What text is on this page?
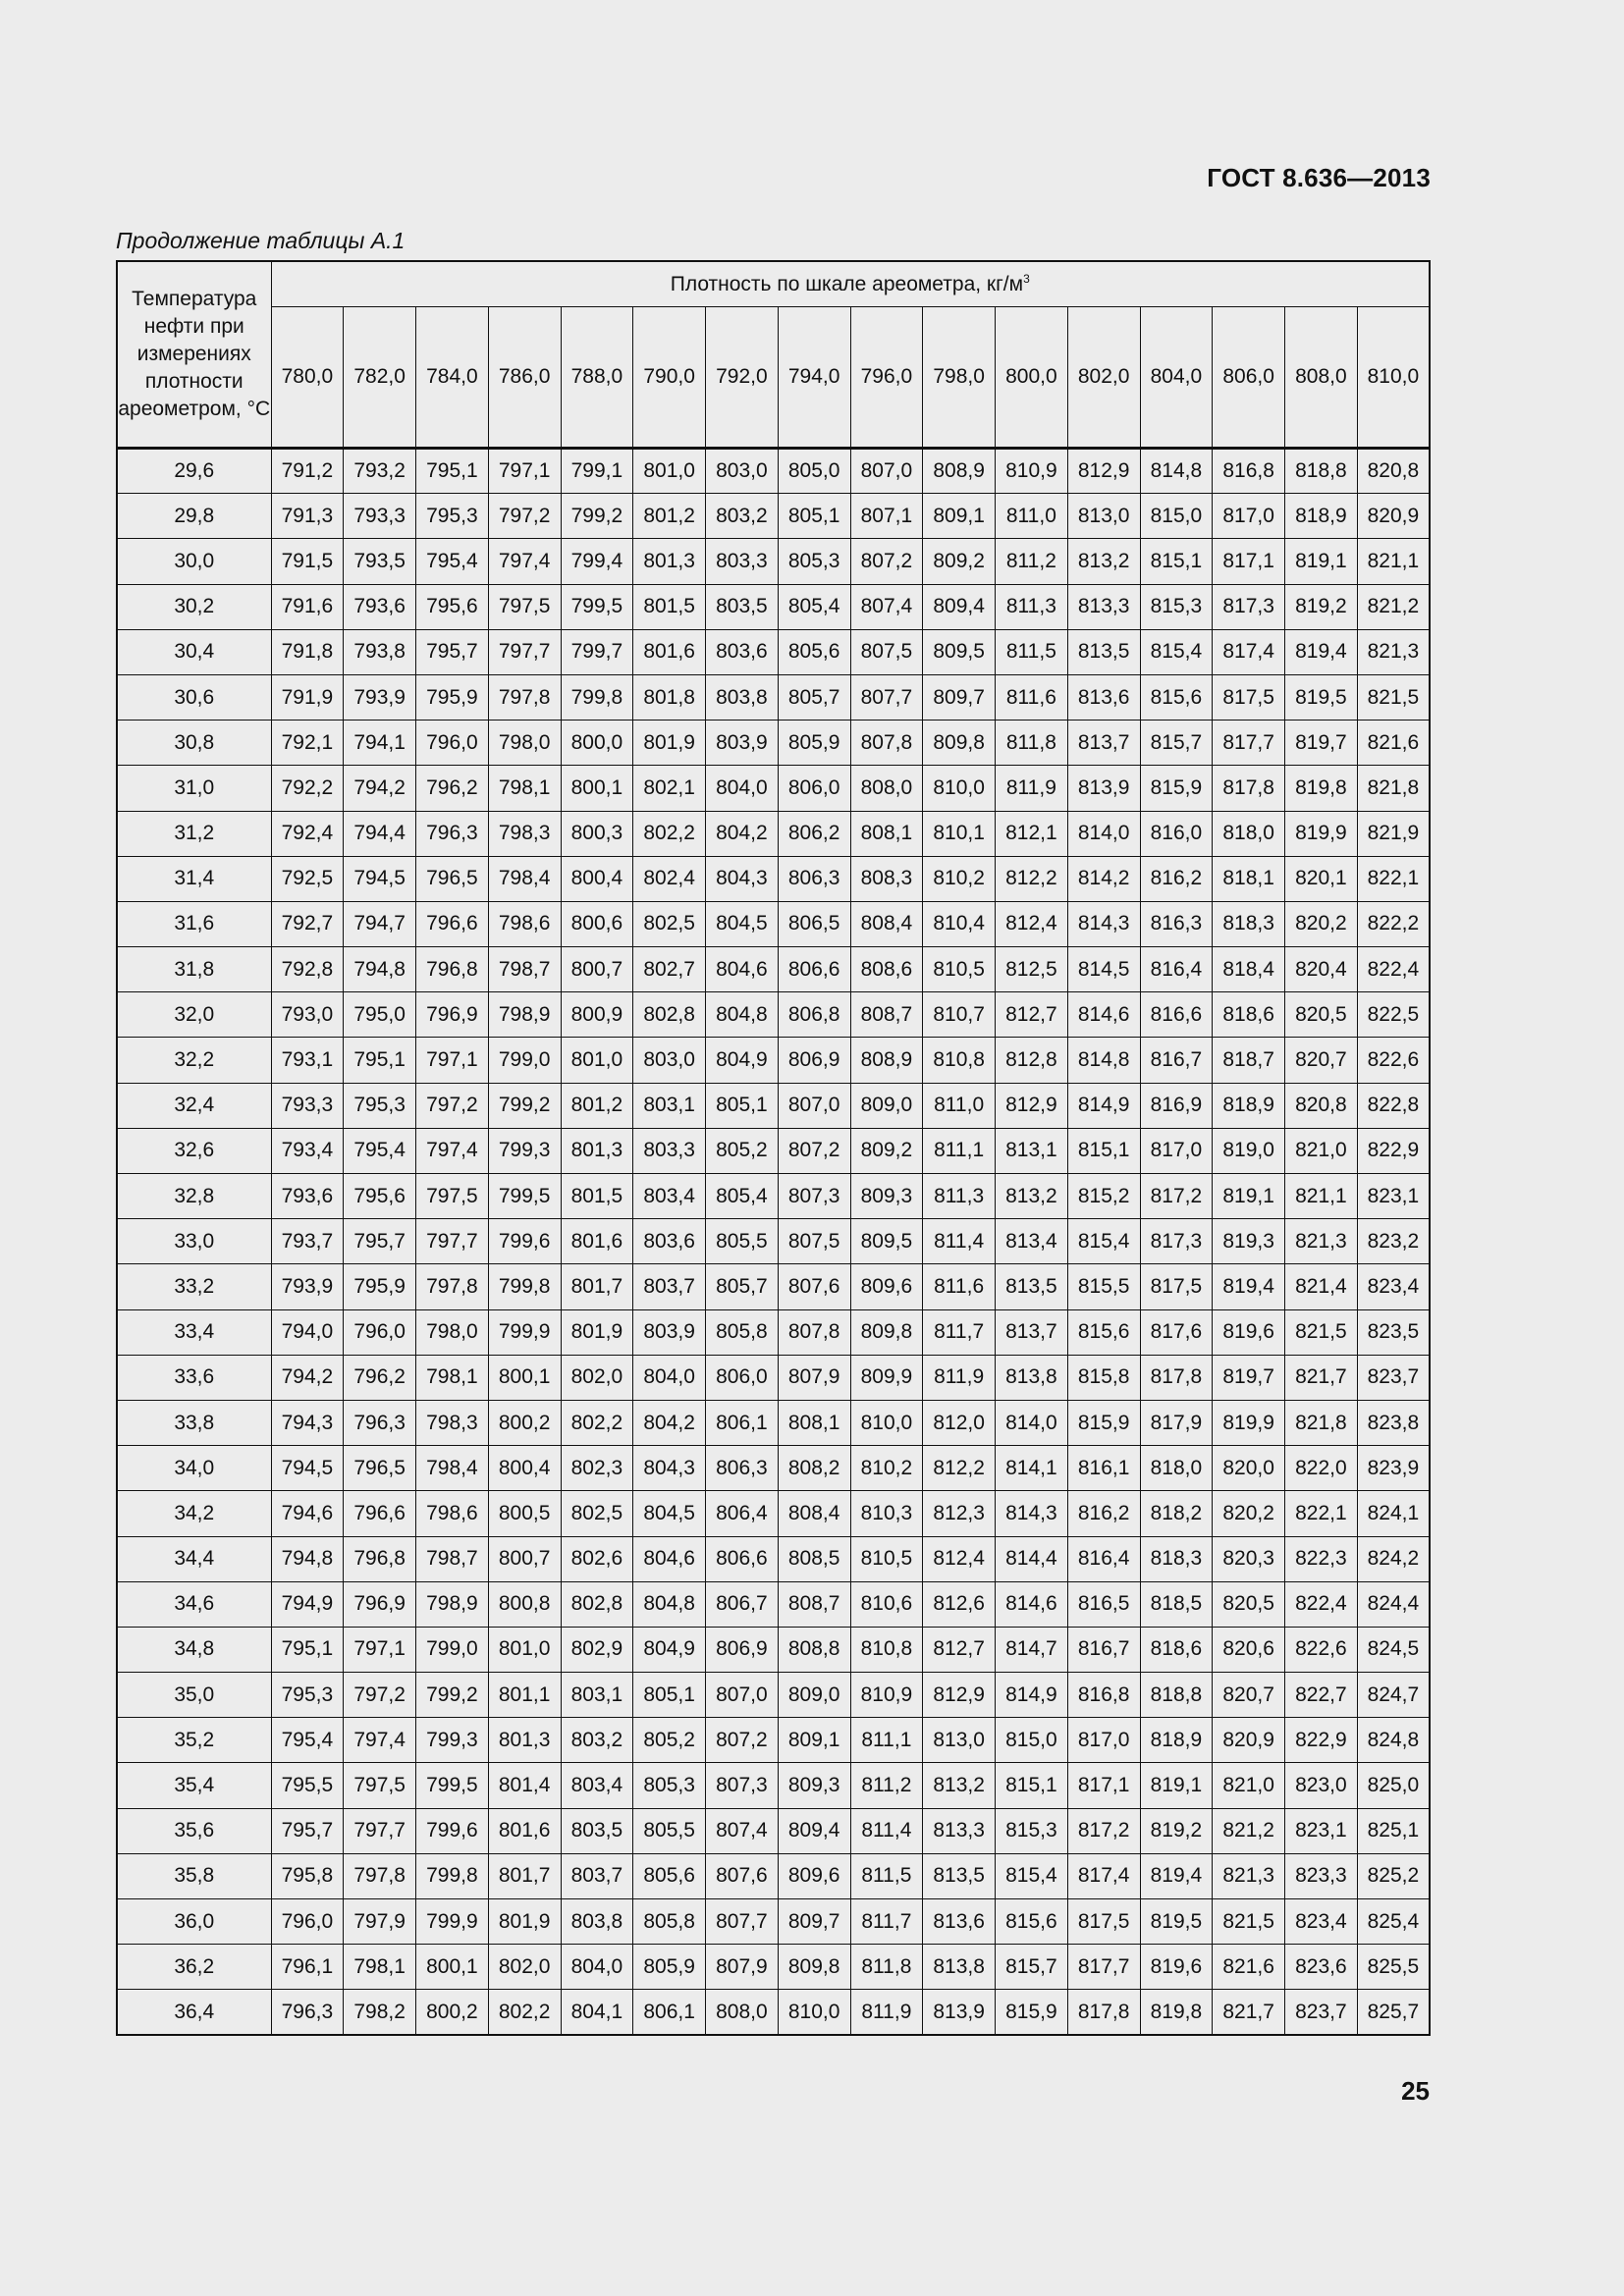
ГОСТ 8.636—2013
Продолжение таблицы А.1
Температура нефти при измерениях плотности ареометром, °С	Плотность по шкале ареометра, $кг/м^3$
	780,0	782,0	784,0	786,0	788,0	790,0	792,0	794,0	796,0	798,0	800,0	802,0	804,0	806,0	808,0	810,0
29,6	791,2	793,2	795,1	797,1	799,1	801,0	803,0	805,0	807,0	808,9	810,9	812,9	814,8	816,8	818,8	820,8
29,8	791,3	793,3	795,3	797,2	799,2	801,2	803,2	805,1	807,1	809,1	811,0	813,0	815,0	817,0	818,9	820,9
30,0	791,5	793,5	795,4	797,4	799,4	801,3	803,3	805,3	807,2	809,2	811,2	813,2	815,1	817,1	819,1	821,1
30,2	791,6	793,6	795,6	797,5	799,5	801,5	803,5	805,4	807,4	809,4	811,3	813,3	815,3	817,3	819,2	821,2
30,4	791,8	793,8	795,7	797,7	799,7	801,6	803,6	805,6	807,5	809,5	811,5	813,5	815,4	817,4	819,4	821,3
30,6	791,9	793,9	795,9	797,8	799,8	801,8	803,8	805,7	807,7	809,7	811,6	813,6	815,6	817,5	819,5	821,5
30,8	792,1	794,1	796,0	798,0	800,0	801,9	803,9	805,9	807,8	809,8	811,8	813,7	815,7	817,7	819,7	821,6
31,0	792,2	794,2	796,2	798,1	800,1	802,1	804,0	806,0	808,0	810,0	811,9	813,9	815,9	817,8	819,8	821,8
31,2	792,4	794,4	796,3	798,3	800,3	802,2	804,2	806,2	808,1	810,1	812,1	814,0	816,0	818,0	819,9	821,9
31,4	792,5	794,5	796,5	798,4	800,4	802,4	804,3	806,3	808,3	810,2	812,2	814,2	816,2	818,1	820,1	822,1
31,6	792,7	794,7	796,6	798,6	800,6	802,5	804,5	806,5	808,4	810,4	812,4	814,3	816,3	818,3	820,2	822,2
31,8	792,8	794,8	796,8	798,7	800,7	802,7	804,6	806,6	808,6	810,5	812,5	814,5	816,4	818,4	820,4	822,4
32,0	793,0	795,0	796,9	798,9	800,9	802,8	804,8	806,8	808,7	810,7	812,7	814,6	816,6	818,6	820,5	822,5
32,2	793,1	795,1	797,1	799,0	801,0	803,0	804,9	806,9	808,9	810,8	812,8	814,8	816,7	818,7	820,7	822,6
32,4	793,3	795,3	797,2	799,2	801,2	803,1	805,1	807,0	809,0	811,0	812,9	814,9	816,9	818,9	820,8	822,8
32,6	793,4	795,4	797,4	799,3	801,3	803,3	805,2	807,2	809,2	811,1	813,1	815,1	817,0	819,0	821,0	822,9
32,8	793,6	795,6	797,5	799,5	801,5	803,4	805,4	807,3	809,3	811,3	813,2	815,2	817,2	819,1	821,1	823,1
33,0	793,7	795,7	797,7	799,6	801,6	803,6	805,5	807,5	809,5	811,4	813,4	815,4	817,3	819,3	821,3	823,2
33,2	793,9	795,9	797,8	799,8	801,7	803,7	805,7	807,6	809,6	811,6	813,5	815,5	817,5	819,4	821,4	823,4
33,4	794,0	796,0	798,0	799,9	801,9	803,9	805,8	807,8	809,8	811,7	813,7	815,6	817,6	819,6	821,5	823,5
33,6	794,2	796,2	798,1	800,1	802,0	804,0	806,0	807,9	809,9	811,9	813,8	815,8	817,8	819,7	821,7	823,7
33,8	794,3	796,3	798,3	800,2	802,2	804,2	806,1	808,1	810,0	812,0	814,0	815,9	817,9	819,9	821,8	823,8
34,0	794,5	796,5	798,4	800,4	802,3	804,3	806,3	808,2	810,2	812,2	814,1	816,1	818,0	820,0	822,0	823,9
34,2	794,6	796,6	798,6	800,5	802,5	804,5	806,4	808,4	810,3	812,3	814,3	816,2	818,2	820,2	822,1	824,1
34,4	794,8	796,8	798,7	800,7	802,6	804,6	806,6	808,5	810,5	812,4	814,4	816,4	818,3	820,3	822,3	824,2
34,6	794,9	796,9	798,9	800,8	802,8	804,8	806,7	808,7	810,6	812,6	814,6	816,5	818,5	820,5	822,4	824,4
34,8	795,1	797,1	799,0	801,0	802,9	804,9	806,9	808,8	810,8	812,7	814,7	816,7	818,6	820,6	822,6	824,5
35,0	795,3	797,2	799,2	801,1	803,1	805,1	807,0	809,0	810,9	812,9	814,9	816,8	818,8	820,7	822,7	824,7
35,2	795,4	797,4	799,3	801,3	803,2	805,2	807,2	809,1	811,1	813,0	815,0	817,0	818,9	820,9	822,9	824,8
35,4	795,5	797,5	799,5	801,4	803,4	805,3	807,3	809,3	811,2	813,2	815,1	817,1	819,1	821,0	823,0	825,0
35,6	795,7	797,7	799,6	801,6	803,5	805,5	807,4	809,4	811,4	813,3	815,3	817,2	819,2	821,2	823,1	825,1
35,8	795,8	797,8	799,8	801,7	803,7	805,6	807,6	809,6	811,5	813,5	815,4	817,4	819,4	821,3	823,3	825,2
36,0	796,0	797,9	799,9	801,9	803,8	805,8	807,7	809,7	811,7	813,6	815,6	817,5	819,5	821,5	823,4	825,4
36,2	796,1	798,1	800,1	802,0	804,0	805,9	807,9	809,8	811,8	813,8	815,7	817,7	819,6	821,6	823,6	825,5
36,4	796,3	798,2	800,2	802,2	804,1	806,1	808,0	810,0	811,9	813,9	815,9	817,8	819,8	821,7	823,7	825,7
25
